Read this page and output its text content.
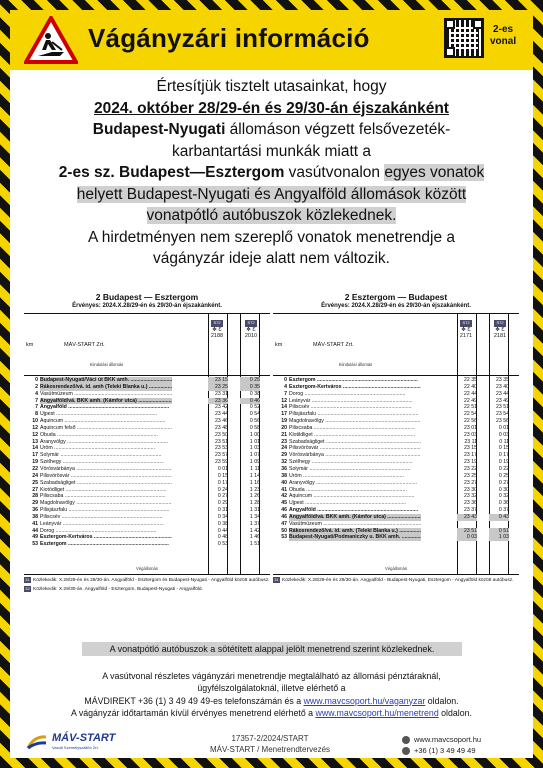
Vágányzári információ	2-es
vonal
Értesítjük tisztelt utasainkat, hogy
2024. október 28/29-én és 29/30-án éjszakánként
Budapest-Nyugati állomáson végzett felsővezeték-
karbantartási munkák miatt a
2-es sz. Budapest—Esztergom vasútvonalon egyes vonatok
helyett Budapest-Nyugati és Angyalföld állomások között
vonatpótló autóbuszok közlekednek.
A hirdetményen nem szereplő vonatok menetrendje a
vágányzár ideje alatt nem változik.
2 Budapest — Esztergom
Érvényes: 2024.X.28/29-én és 29/30-án éjszakánként.
km	MÁV-START Zrt.
Kiindulási állomás
S72
✻ Ɛ
2188
S72
✻ Ɛ
2010
0 Budapest-Nyugati/Váci út BKK amh. .....	23 15	0 25
2 Rákosrendező/vá. id. amh (Teleki Blanka u.) .....	23 25	0 35
4 Vasútmúzeum .....	23 31	0 38
7 Angyalföld/vá. BKK amh. (Kámfor utca) .....	23 36	0 46
7 Angyalföld .....	23 42	0 52
8 Újpest .....	23 44	0 54
10 Aquincum .....	23 46	0 56
12 Aquincum felső .....	23 48	0 58
12 Óbuda .....	23 50	1 00
13 Aranyvölgy .....	23 51	1 01
14 Üröm .....	23 53	1 03
17 Solymár .....	23 57	1 07
19 Szélhegy .....	23 59	1 09
22 Vörösvárbánya .....	0 01	1 11
24 Pilisvörösvár .....	0 15	1 14
25 Szabadságliget .....	0 17	1 16
27 Kiotódliget .....	0 24	1 23
28 Piliscsaba .....	0 27	1 26
29 Magdolnavölgy .....	0 29	1 28
36 Pilisjászfalu .....	0 31	1 31
38 Piliscsév .....	0 34	1 34
41 Leányvár .....	0 38	1 37
44 Dorog .....	0 44	1 42
49 Esztergom-Kertváros .....	0 48	1 46
53 Esztergom .....	0 53	1 51
Végállomás
31 Közlekedik: X.28/29-én és 29/30-án. Angyalföld - Esztergom és Budapest-Nyugati - Angyalföld között autóbusz.
32 Közlekedik: X.29/30-án. Angyalföld - Esztergom, Budapest-Nyugati - Angyalföld.
2 Esztergom — Budapest
Érvényes: 2024.X.28/29-én és 29/30-án éjszakánként.
km	MÁV-START Zrt.
Kiindulási állomás
S72
✻ Ɛ
2171
S72
✻ Ɛ
2181
0 Esztergom .....	22 35	23 35
4 Esztergom-Kertváros .....	22 40	23 40
7 Dorog .....	22 44	23 44
12 Leányvár .....	22 49	23 49
14 Piliscsév .....	22 51	23 51
17 Pilisjászfalu .....	22 54	23 54
19 Magdolnavölgy .....	22 56	23 56
20 Piliscsaba .....	23 01	0 01
21 Klotildliget .....	23 03	0 03
23 Szabadságliget .....	23 11	0 11
24 Pilisvörösvár .....	23 15	0 15
29 Vörösvárbánya .....	23 17	0 17
32 Szélhegy .....	23 19	0 19
36 Solymár .....	23 22	0 22
38 Üröm .....	23 25	0 25
40 Aranyvölgy .....	23 27	0 27
41 Óbuda .....	23 30	0 30
42 Aquincum .....	23 32	0 32
45 Újpest .....	23 36	0 36
46 Angyalföld .....	23 37	0 37
46 Angyalföld/vá. BKK amh. (Kámfor utca) .....	23 43	0 43
47 Vasútmúzeum .....	|	|
50 Rákosrendező/vá. id. amh. (Teleki Blanka u.) .....	23 51	0 51
53 Budapest-Nyugati/Podmaniczky u. BKK amh. .....	0 03	1 03
Végállomás
31 Közlekedik: X.28/29-én és 29/30-án. Angyalföld - Budapest-Nyugati, Esztergom - Angyalföld között autóbusz.
A vonatpótló autóbuszok a sötétített alappal jelölt menetrend szerint közlekednek.
A vasútvonal részletes vágányzári menetrendje megtalálható az állomási pénztáraknál,
ügyfélszolgálatoknál, illetve elérhető a
MÁVDIREKT +36 (1) 3 49 49 49-es telefonszámán és a www.mavcsoport.hu/vaganyzar oldalon.
A vágányzár időtartamán kívül érvényes menetrend elérhető a www.mavcsoport.hu/menetrend oldalon.
MÁV-START
Vasúti Személyszállító Zrt.
17357-2/2024/START
MÁV-START / Menetrendtervezés
www.mavcsoport.hu
+36 (1) 3 49 49 49
